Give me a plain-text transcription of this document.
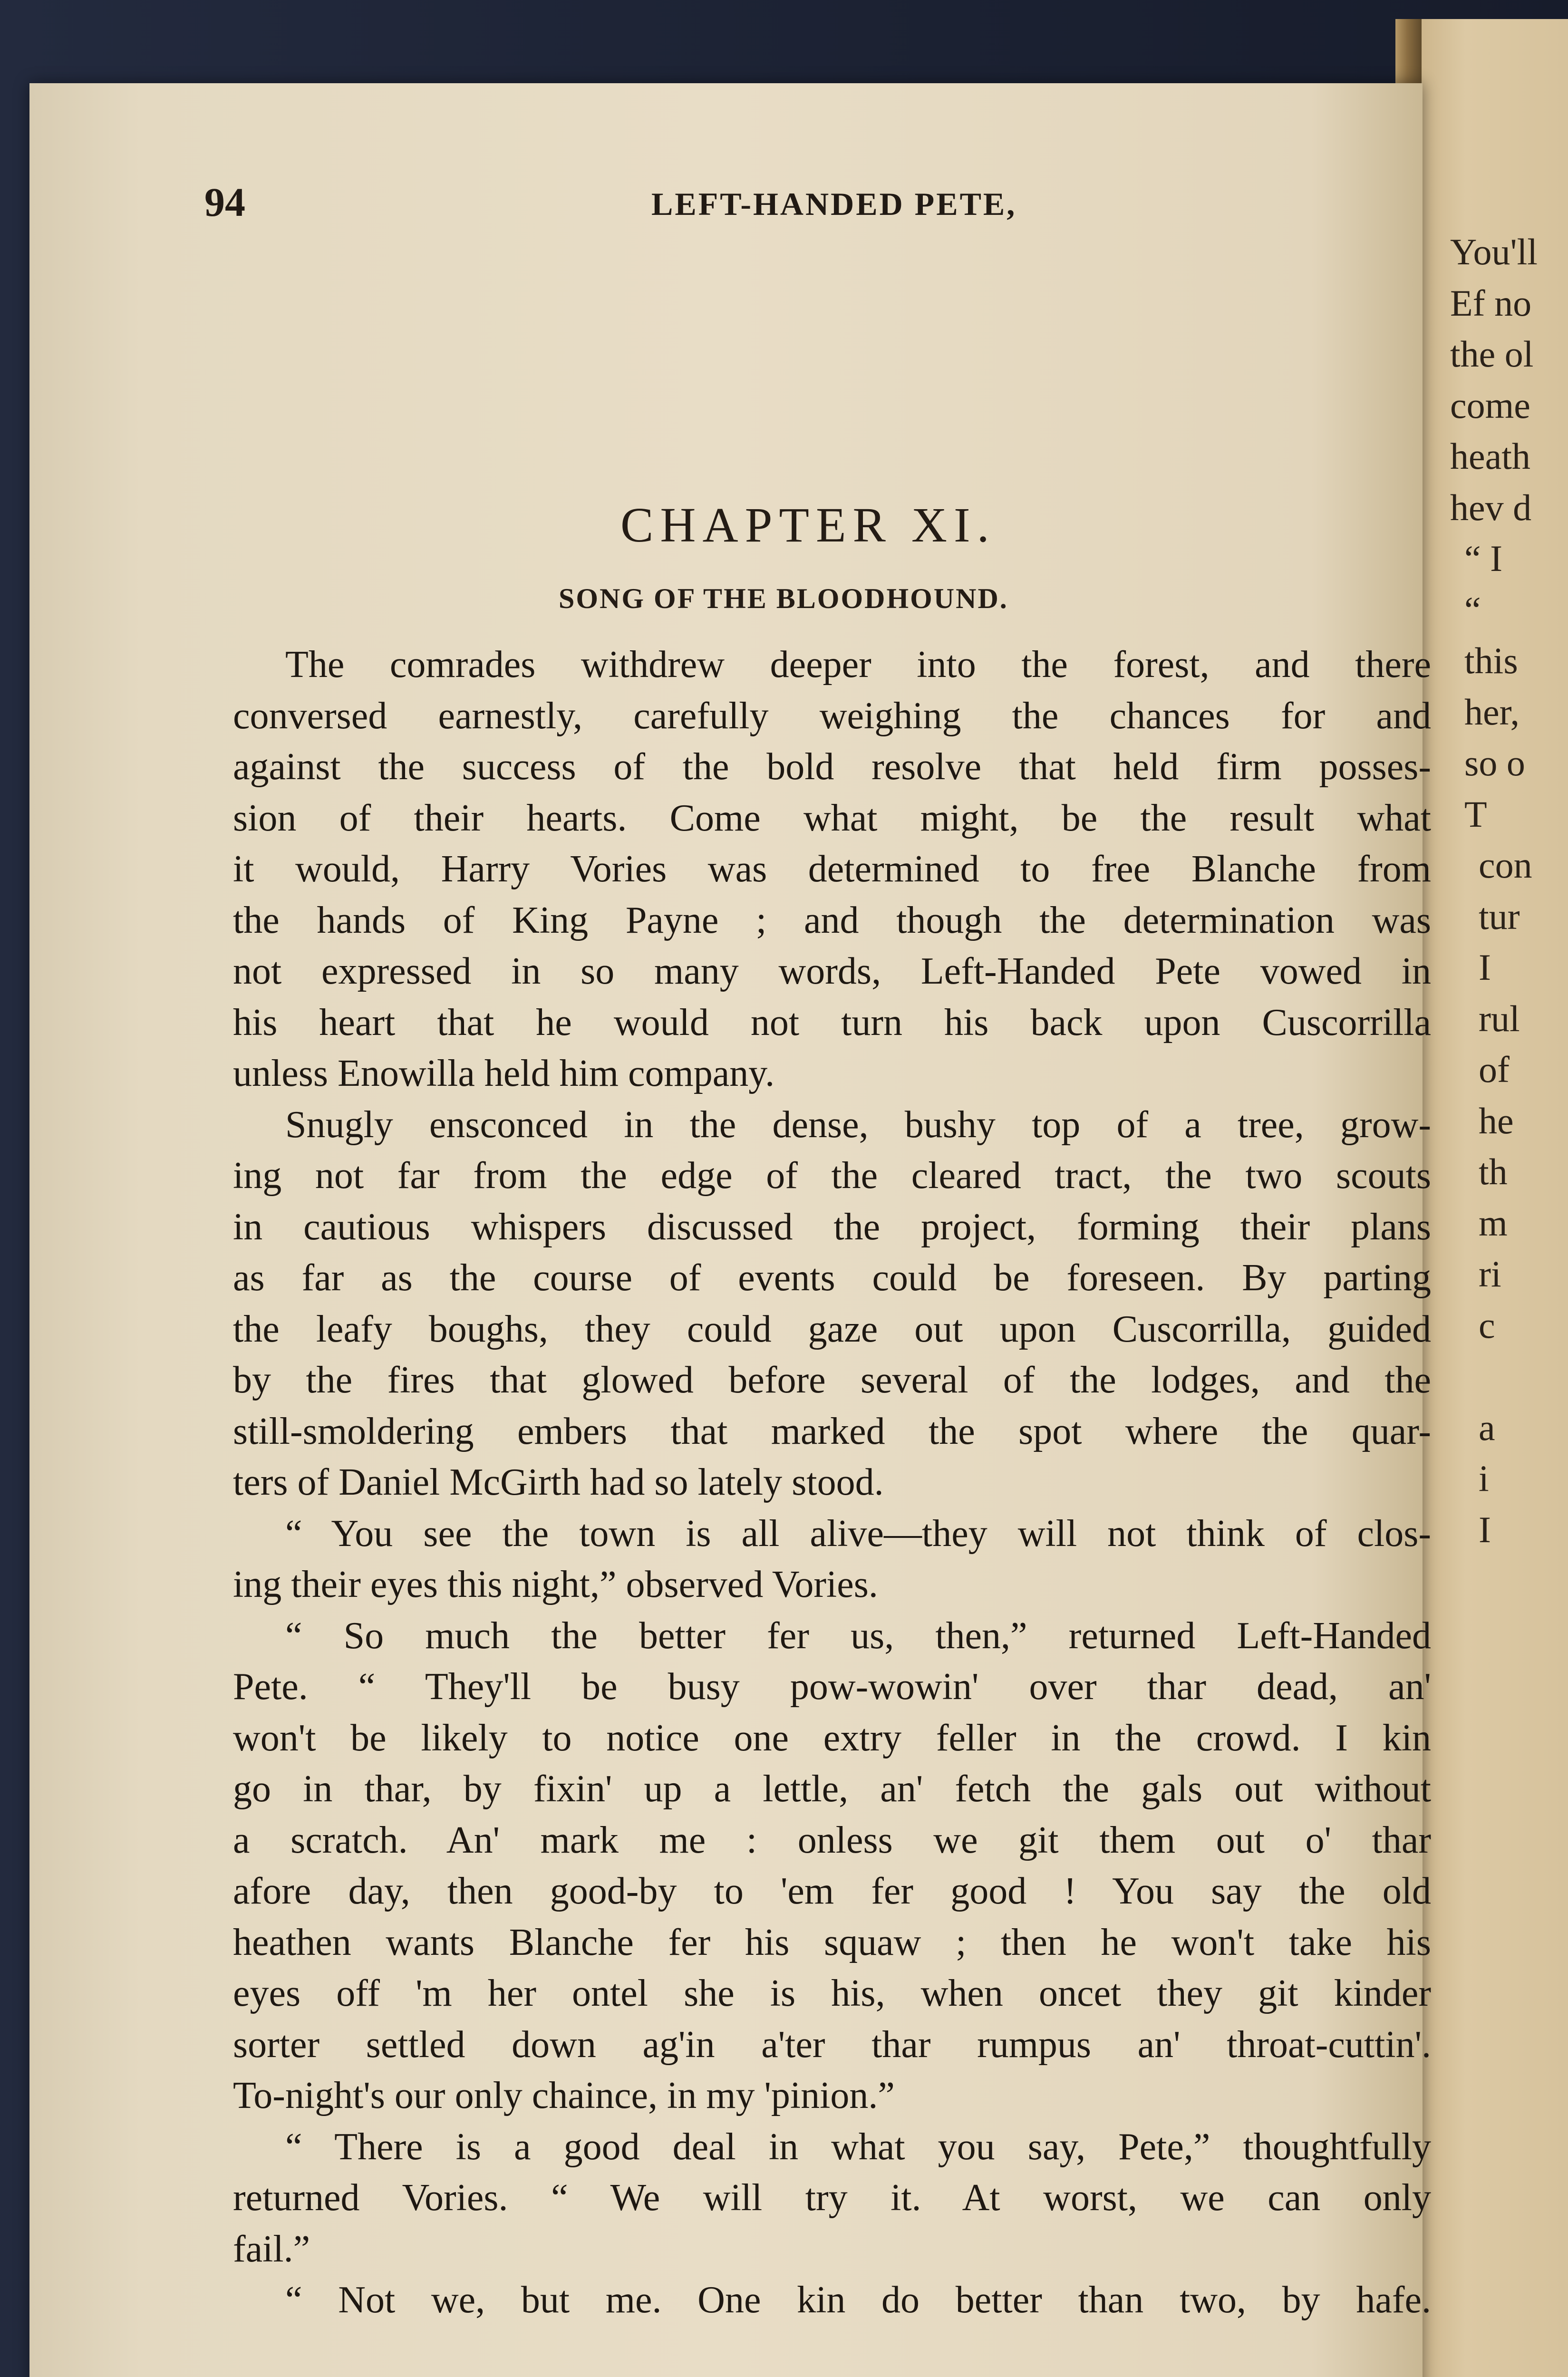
You'll
Ef no
the ol
come
heath
hev d
“ I
“
this
her,
so o
T
con
tur
I
rul
of
he
th
m
ri
c
a
i
I
94	LEFT-HANDED PETE,
CHAPTER XI.
SONG OF THE BLOODHOUND.
The comrades withdrew deeper into the forest, and there
conversed earnestly, carefully weighing the chances for and
against the success of the bold resolve that held firm posses-
sion of their hearts. Come what might, be the result what
it would, Harry Vories was determined to free Blanche from
the hands of King Payne ; and though the determination was
not expressed in so many words, Left-Handed Pete vowed in
his heart that he would not turn his back upon Cuscorrilla
unless Enowilla held him company.
Snugly ensconced in the dense, bushy top of a tree, grow-
ing not far from the edge of the cleared tract, the two scouts
in cautious whispers discussed the project, forming their plans
as far as the course of events could be foreseen. By parting
the leafy boughs, they could gaze out upon Cuscorrilla, guided
by the fires that glowed before several of the lodges, and the
still-smoldering embers that marked the spot where the quar-
ters of Daniel McGirth had so lately stood.
“ You see the town is all alive—they will not think of clos-
ing their eyes this night,” observed Vories.
“ So much the better fer us, then,” returned Left-Handed
Pete. “ They'll be busy pow-wowin' over thar dead, an'
won't be likely to notice one extry feller in the crowd. I kin
go in thar, by fixin' up a lettle, an' fetch the gals out without
a scratch. An' mark me : onless we git them out o' thar
afore day, then good-by to 'em fer good ! You say the old
heathen wants Blanche fer his squaw ; then he won't take his
eyes off 'm her ontel she is his, when oncet they git kinder
sorter settled down ag'in a'ter thar rumpus an' throat-cuttin'.
To-night's our only chaince, in my 'pinion.”
“ There is a good deal in what you say, Pete,” thoughtfully
returned Vories. “ We will try it. At worst, we can only
fail.”
“ Not we, but me. One kin do better than two, by hafe.
